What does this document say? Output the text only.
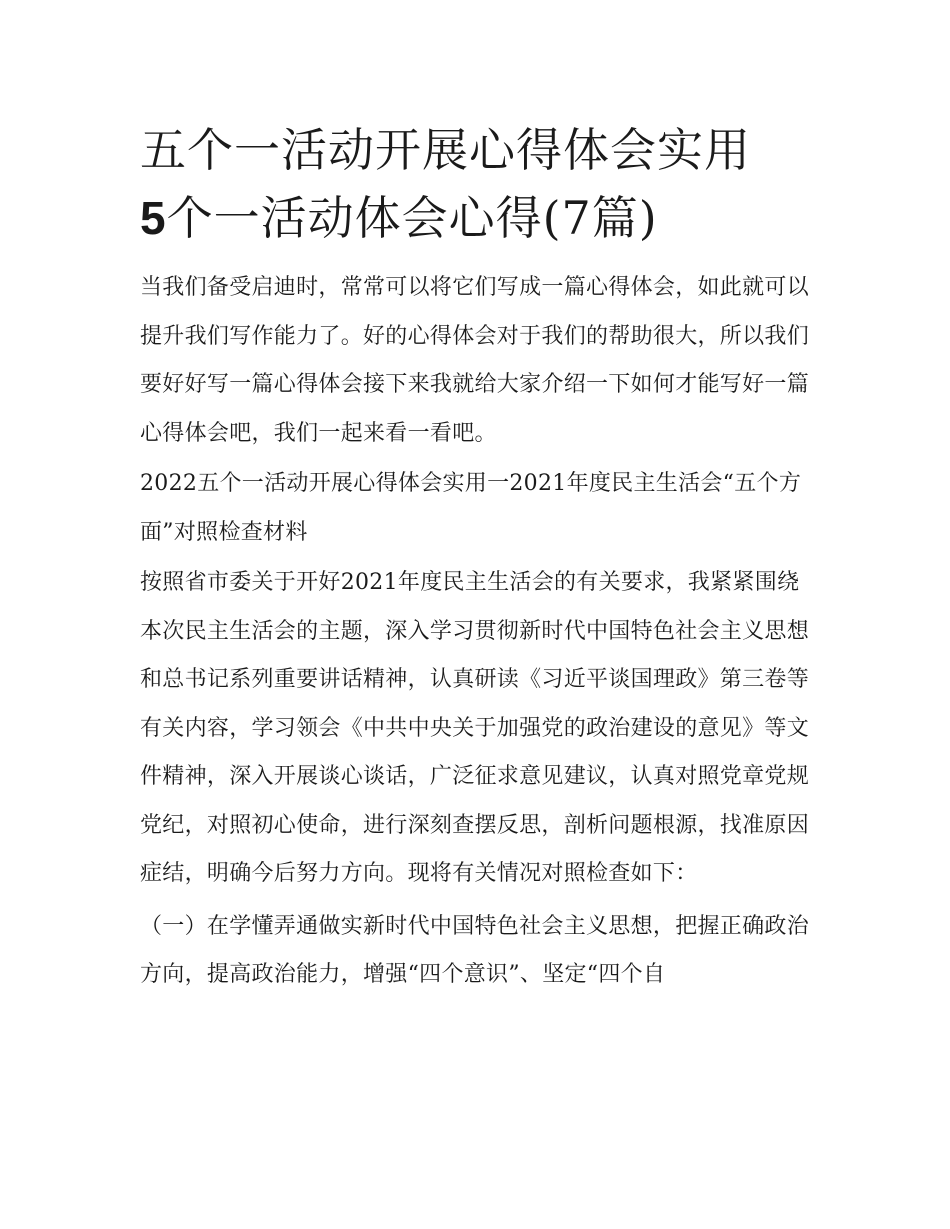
五个一活动开展心得体会实用
5个一活动体会心得(7篇)

当我们备受启迪时，常常可以将它们写成一篇心得体会，如此就可以提升我们写作能力了。好的心得体会对于我们的帮助很大，所以我们要好好写一篇心得体会接下来我就给大家介绍一下如何才能写好一篇心得体会吧，我们一起来看一看吧。

2022五个一活动开展心得体会实用一2021年度民主生活会“五个方面”对照检查材料

按照省市委关于开好2021年度民主生活会的有关要求，我紧紧围绕本次民主生活会的主题，深入学习贯彻新时代中国特色社会主义思想和总书记系列重要讲话精神，认真研读《习近平谈国理政》第三卷等有关内容，学习领会《中共中央关于加强党的政治建设的意见》等文件精神，深入开展谈心谈话，广泛征求意见建议，认真对照党章党规党纪，对照初心使命，进行深刻查摆反思，剖析问题根源，找准原因症结，明确今后努力方向。现将有关情况对照检查如下：

（一）在学懂弄通做实新时代中国特色社会主义思想，把握正确政治方向，提高政治能力，增强“四个意识”、坚定“四个自
